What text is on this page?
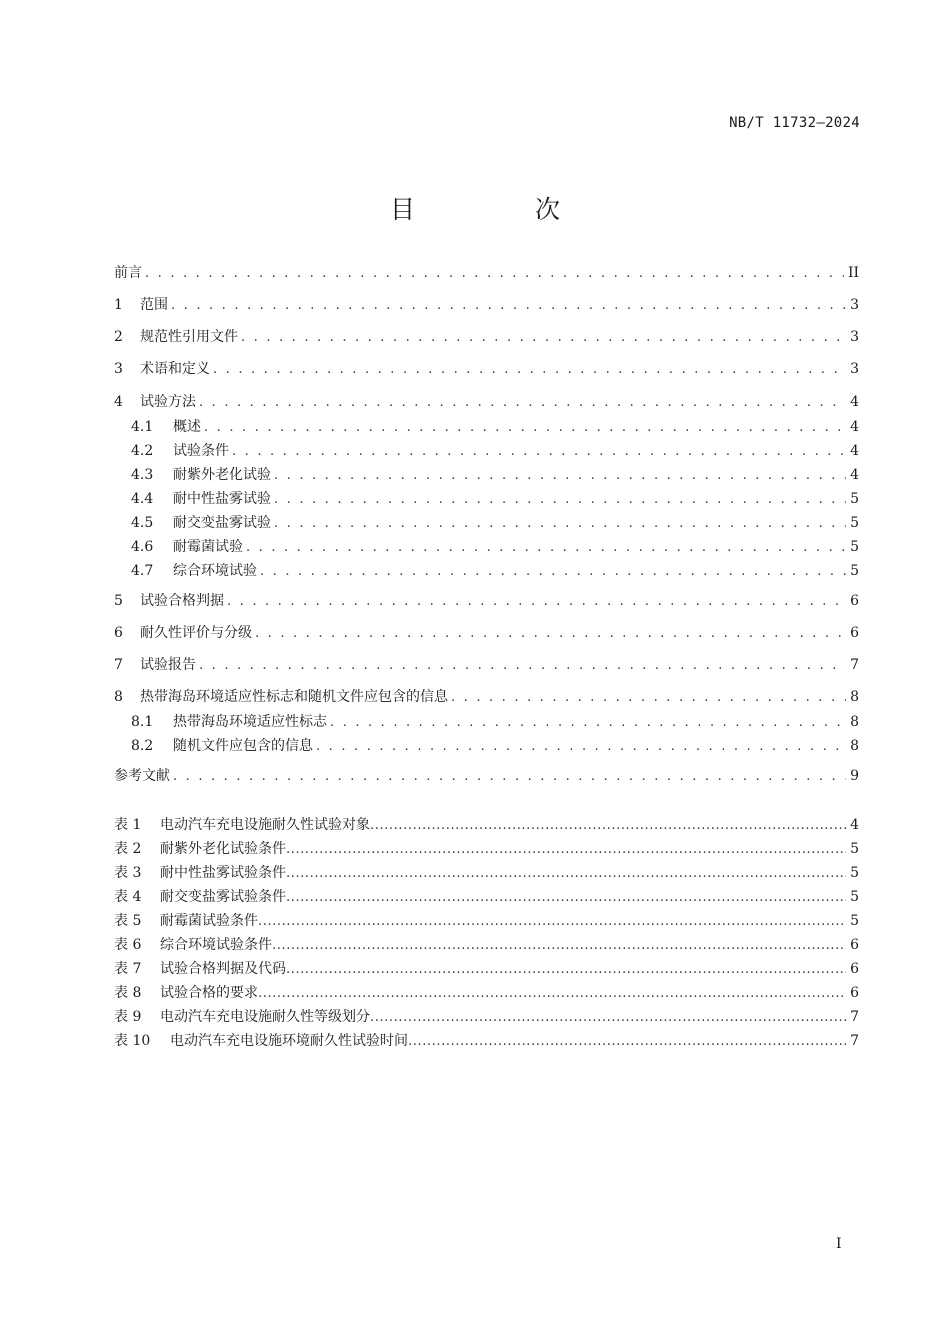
NB/T 11732—2024
目 次
前言 . . .	II
1	范围 . . .	3
2	规范性引用文件 . . .	3
3	术语和定义 . . .	3
4	试验方法 . . .	4
4.1	概述 . . .	4
4.2	试验条件 . . .	4
4.3	耐紫外老化试验 . . .	4
4.4	耐中性盐雾试验 . . .	5
4.5	耐交变盐雾试验 . . .	5
4.6	耐霉菌试验 . . .	5
4.7	综合环境试验 . . .	5
5	试验合格判据 . . .	6
6	耐久性评价与分级 . . .	6
7	试验报告 . . .	7
8	热带海岛环境适应性标志和随机文件应包含的信息 . . .	8
8.1	热带海岛环境适应性标志 . . .	8
8.2	随机文件应包含的信息 . . .	8
参考文献 . . .	9
表 1	电动汽车充电设施耐久性试验对象 .....	4
表 2	耐紫外老化试验条件 .....	5
表 3	耐中性盐雾试验条件 .....	5
表 4	耐交变盐雾试验条件 .....	5
表 5	耐霉菌试验条件 .....	5
表 6	综合环境试验条件 .....	6
表 7	试验合格判据及代码 .....	6
表 8	试验合格的要求 .....	6
表 9	电动汽车充电设施耐久性等级划分 .....	7
表 10	电动汽车充电设施环境耐久性试验时间 .....	7
I
